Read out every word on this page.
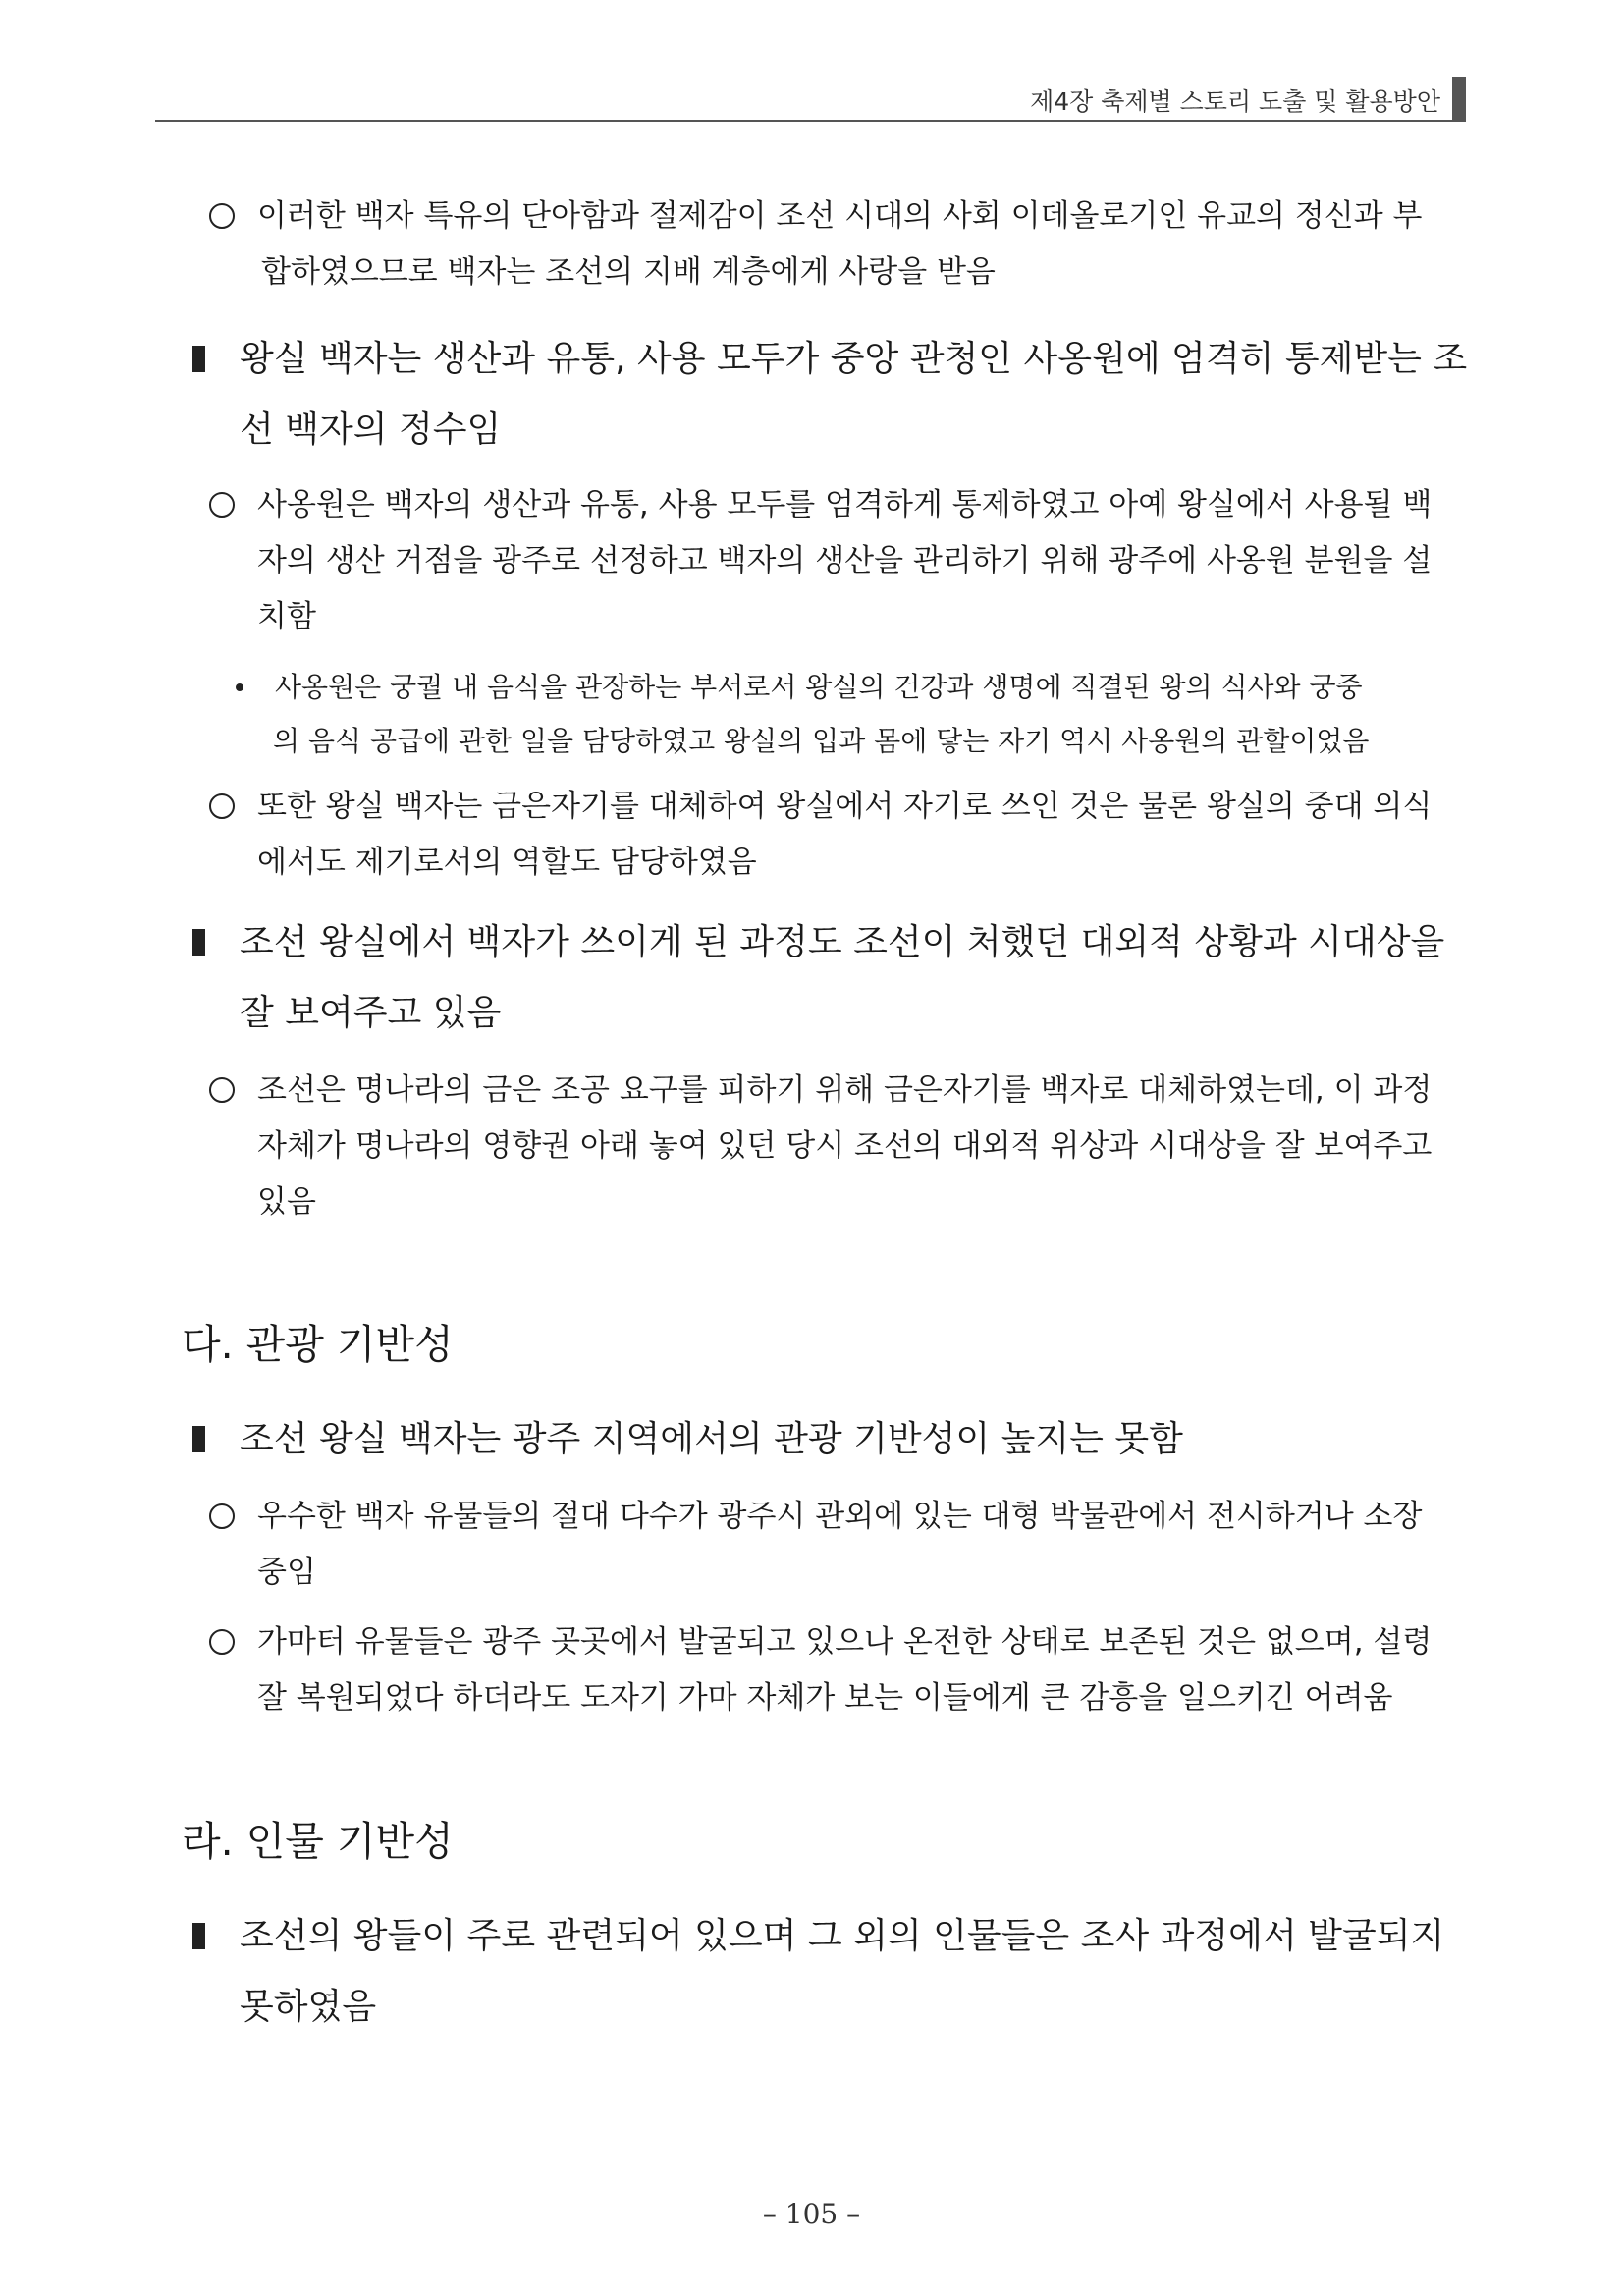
제4장 축제별 스토리 도출 및 활용방안
이러한 백자 특유의 단아함과 절제감이 조선 시대의 사회 이데올로기인 유교의 정신과 부
합하였으므로 백자는 조선의 지배 계층에게 사랑을 받음
왕실 백자는 생산과 유통, 사용 모두가 중앙 관청인 사옹원에 엄격히 통제받는 조
선 백자의 정수임
사옹원은 백자의 생산과 유통, 사용 모두를 엄격하게 통제하였고 아예 왕실에서 사용될 백
자의 생산 거점을 광주로 선정하고 백자의 생산을 관리하기 위해 광주에 사옹원 분원을 설
치함
사옹원은 궁궐 내 음식을 관장하는 부서로서 왕실의 건강과 생명에 직결된 왕의 식사와 궁중
의 음식 공급에 관한 일을 담당하였고 왕실의 입과 몸에 닿는 자기 역시 사옹원의 관할이었음
또한 왕실 백자는 금은자기를 대체하여 왕실에서 자기로 쓰인 것은 물론 왕실의 중대 의식
에서도 제기로서의 역할도 담당하였음
조선 왕실에서 백자가 쓰이게 된 과정도 조선이 처했던 대외적 상황과 시대상을
잘 보여주고 있음
조선은 명나라의 금은 조공 요구를 피하기 위해 금은자기를 백자로 대체하였는데, 이 과정
자체가 명나라의 영향권 아래 놓여 있던 당시 조선의 대외적 위상과 시대상을 잘 보여주고
있음
다. 관광 기반성
조선 왕실 백자는 광주 지역에서의 관광 기반성이 높지는 못함
우수한 백자 유물들의 절대 다수가 광주시 관외에 있는 대형 박물관에서 전시하거나 소장
중임
가마터 유물들은 광주 곳곳에서 발굴되고 있으나 온전한 상태로 보존된 것은 없으며, 설령
잘 복원되었다 하더라도 도자기 가마 자체가 보는 이들에게 큰 감흥을 일으키긴 어려움
라. 인물 기반성
조선의 왕들이 주로 관련되어 있으며 그 외의 인물들은 조사 과정에서 발굴되지
못하였음
– 105 –
